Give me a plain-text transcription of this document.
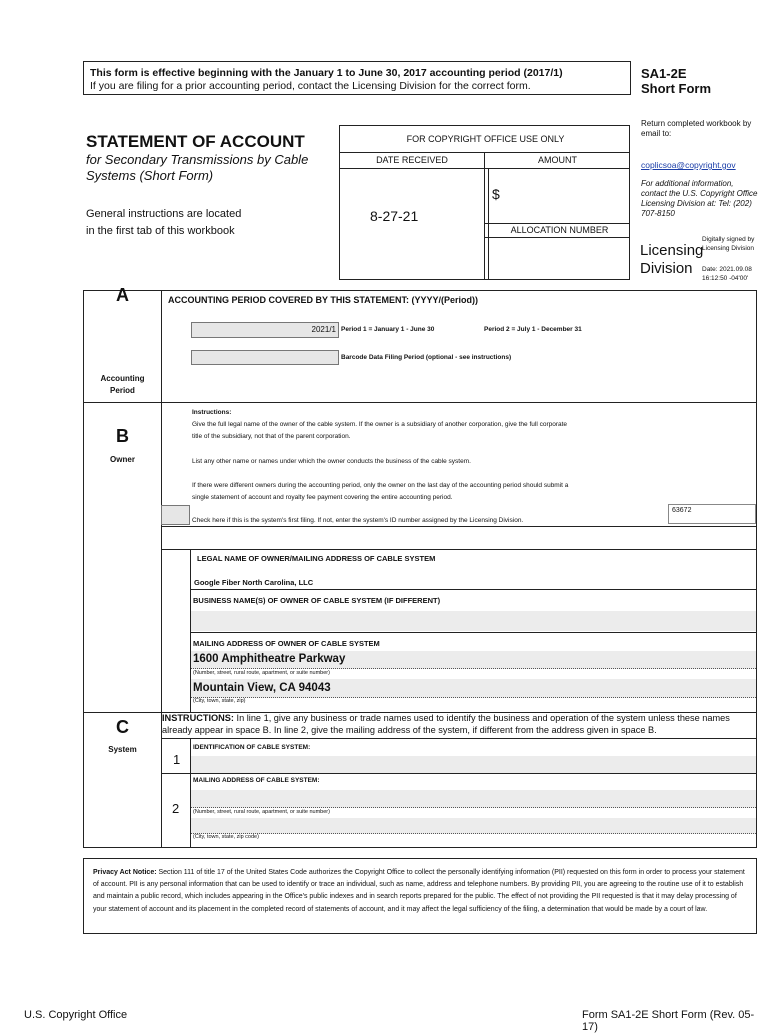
This form is effective beginning with the January 1 to June 30, 2017 accounting period (2017/1)
If you are filing for a prior accounting period, contact the Licensing Division for the correct form.
SA1-2E
Short Form
STATEMENT OF ACCOUNT
for Secondary Transmissions by Cable Systems (Short Form)
General instructions are located
in the first tab of this workbook
FOR COPYRIGHT OFFICE USE ONLY
DATE RECEIVED	AMOUNT
$
8-27-21
ALLOCATION NUMBER
Return completed workbook by email to:
coplicsoa@copyright.gov
For additional information, contact the U.S. Copyright Office Licensing Division at: Tel: (202) 707-8150
Licensing
Division
Digitally signed by Licensing Division
Date: 2021.09.08 16:12:50 -04'00'
A	ACCOUNTING PERIOD COVERED BY THIS STATEMENT: (YYYY/(Period))
2021/1 Period 1 = January 1 - June 30	Period 2 = July 1 - December 31
Barcode Data Filing Period (optional - see instructions)
Accounting
Period
B
Owner
Instructions:
Give the full legal name of the owner of the cable system. If the owner is a subsidiary of another corporation, give the full corporate
title of the subsidiary, not that of the parent corporation.
List any other name or names under which the owner conducts the business of the cable system.
If there were different owners during the accounting period, only the owner on the last day of the accounting period should submit a
single statement of account and royalty fee payment covering the entire accounting period.
Check here if this is the system's first filing. If not, enter the system's ID number assigned by the Licensing Division.
63672
LEGAL NAME OF OWNER/MAILING ADDRESS OF CABLE SYSTEM
Google Fiber North Carolina, LLC
BUSINESS NAME(S) OF OWNER OF CABLE SYSTEM (IF DIFFERENT)
MAILING ADDRESS OF OWNER OF CABLE SYSTEM
1600 Amphitheatre Parkway
(Number, street, rural route, apartment, or suite number)
Mountain View, CA 94043
(City, town, state, zip)
C
System
INSTRUCTIONS: In line 1, give any business or trade names used to identify the business and operation of the system unless these names already appear in space B. In line 2, give the mailing address of the system, if different from the address given in space B.
1
IDENTIFICATION OF CABLE SYSTEM:
MAILING ADDRESS OF CABLE SYSTEM:
2	(Number, street, rural route, apartment, or suite number)
(City, town, state, zip code)
Privacy Act Notice: Section 111 of title 17 of the United States Code authorizes the Copyright Office to collect the personally identifying information (PII) requested on this form in order to process your statement of account. PII is any personal information that can be used to identify or trace an individual, such as name, address and telephone numbers. By providing PII, you are agreeing to the routine use of it to establish and maintain a public record, which includes appearing in the Office's public indexes and in search reports prepared for the public. The effect of not providing the PII requested is that it may delay processing of your statement of account and its placement in the completed record of statements of account, and it may affect the legal sufficiency of the filing, a determination that would be made by a court of law.
U.S. Copyright Office	Form SA1-2E Short Form (Rev. 05-17)
